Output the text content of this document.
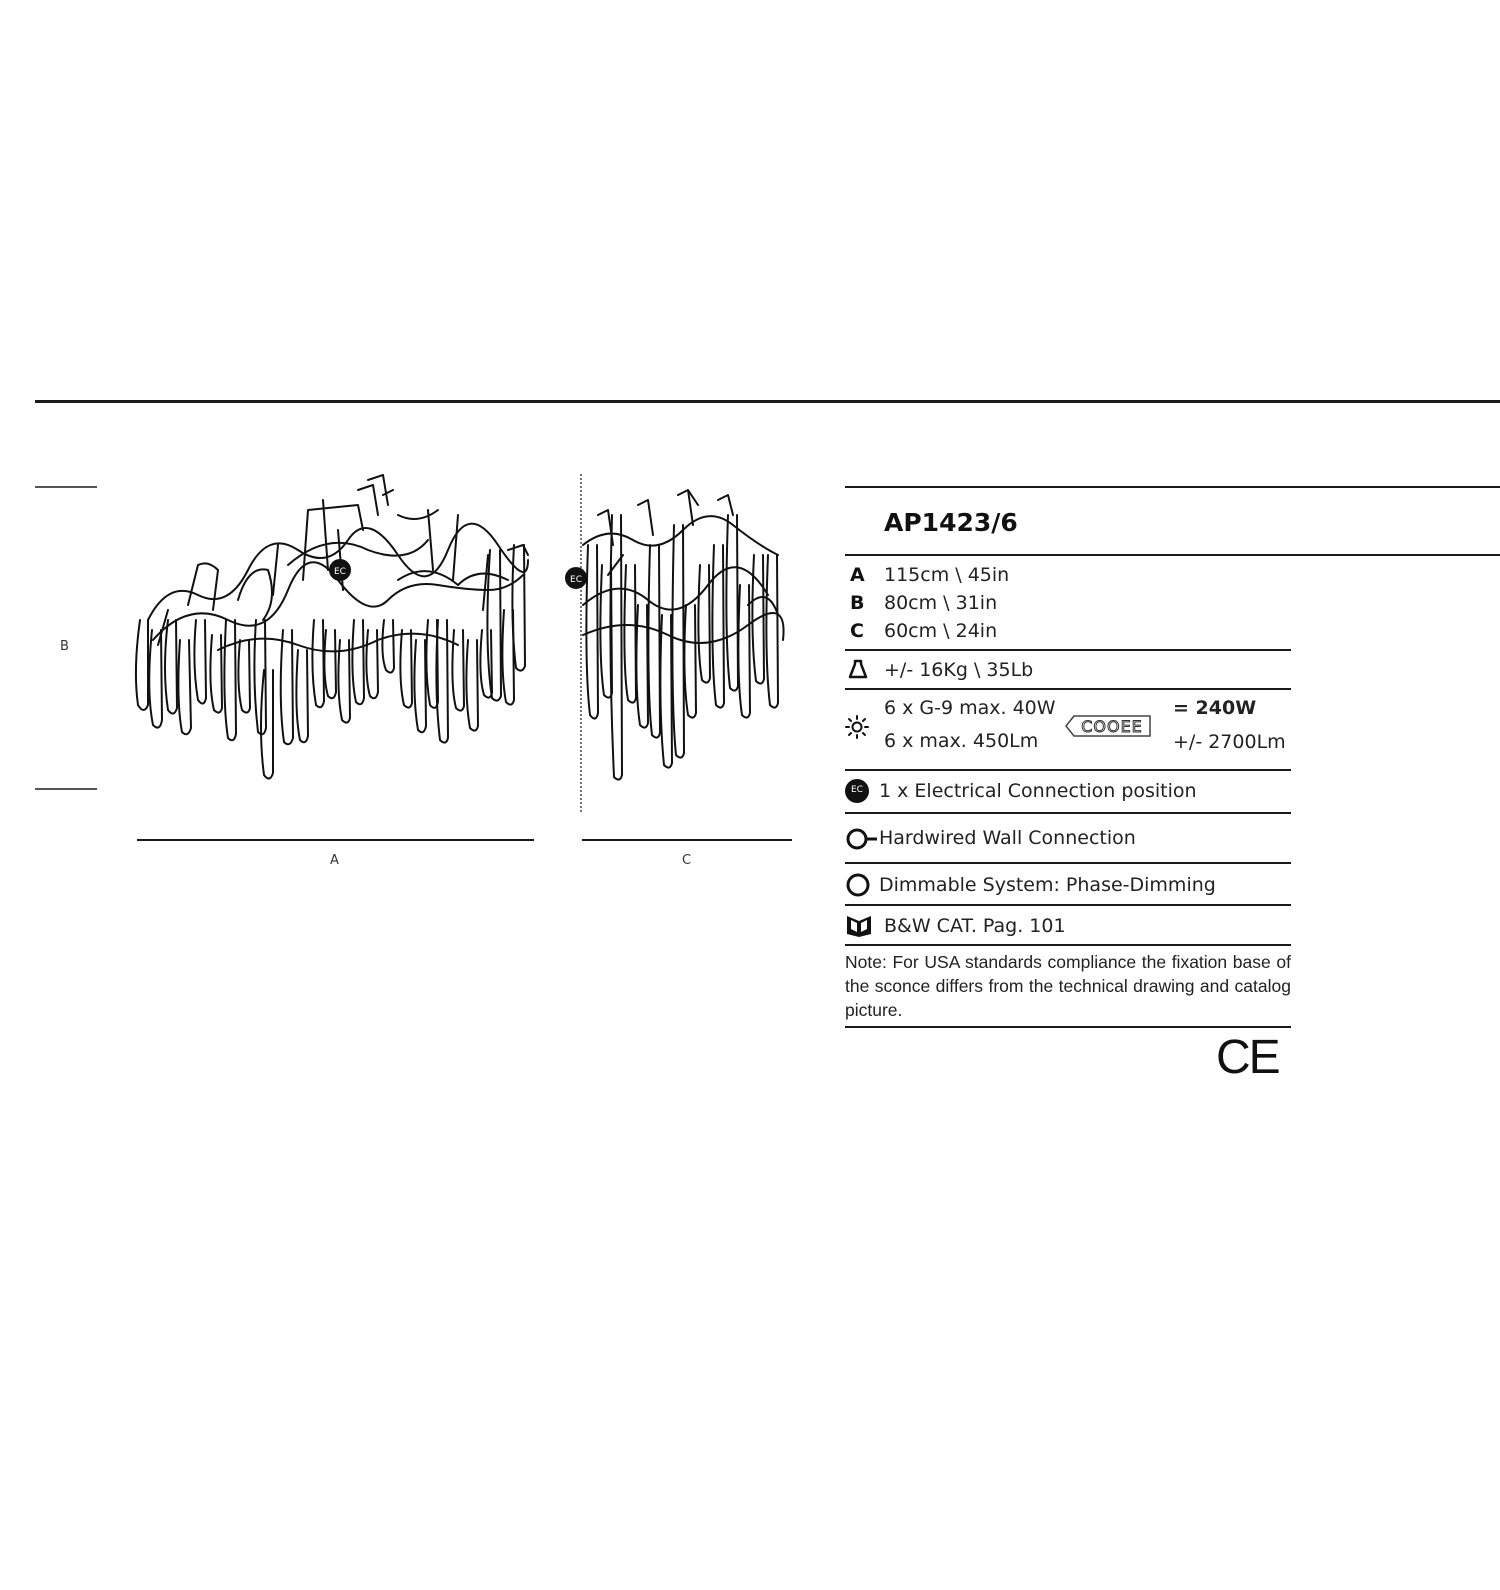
B
EC
A
EC
C
AP1423/6
A 115cm \ 45in
B 80cm \ 31in
C 60cm \ 24in
+/- 16Kg \ 35Lb
6 x G-9 max. 40W
6 x max. 450Lm
COOEE
= 240W
+/- 2700Lm
EC 1 x Electrical Connection position
Hardwired Wall Connection
Dimmable System: Phase-Dimming
B&W CAT. Pag. 101
Note: For USA standards compliance the fixation base of the sconce differs from the technical drawing and catalog picture.
CE
